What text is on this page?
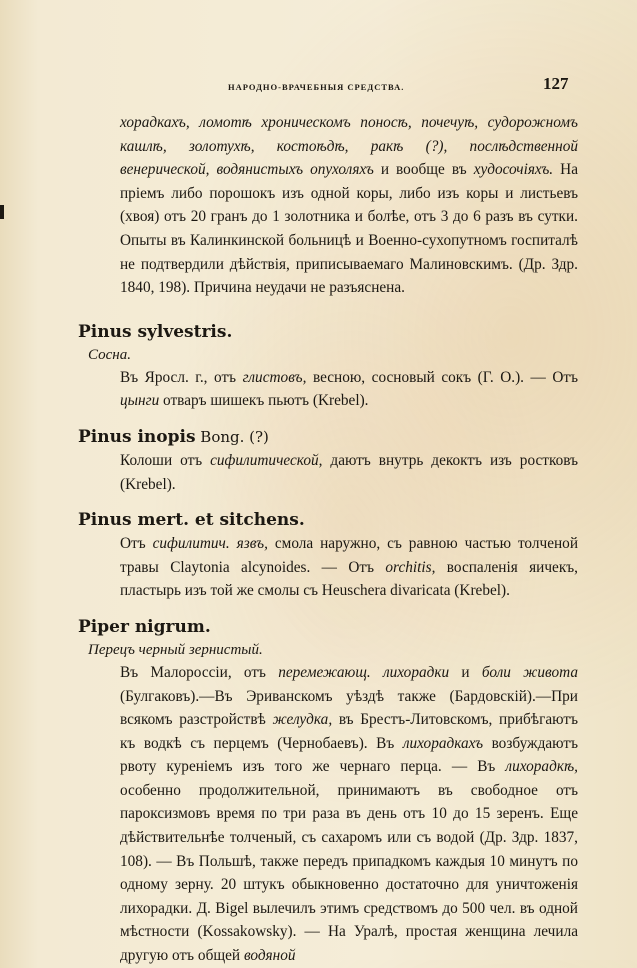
НАРОДНО-ВРАЧЕБНЫЯ СРЕДСТВА.	127

хорадкахъ, ломотѣ хроническомъ поносѣ, почечуѣ, судорожномъ кашлѣ, золотухѣ, костоѣдѣ, ракѣ (?), послѣдственной венерической, водянистыхъ опухоляхъ и вообще въ худосочіяхъ. На пріемъ либо порошокъ изъ одной коры, либо изъ коры и листьевъ (хвоя) отъ 20 гранъ до 1 золотника и болѣе, отъ 3 до 6 разъ въ сутки. Опыты въ Калинкинской больницѣ и Военно-сухопутномъ госпиталѣ не подтвердили дѣйствія, приписываемаго Малиновскимъ. (Др. Здр. 1840, 198). Причина неудачи не разъяснена.

Pinus sylvestris.

Сосна.

Въ Яросл. г., отъ глистовъ, весною, сосновый сокъ (Г. О.). — Отъ цынги отваръ шишекъ пьютъ (Krebel).

Pinus inopis Bong. (?)

Колоши отъ сифилитической, даютъ внутрь декоктъ изъ ростковъ (Krebel).

Pinus mert. et sitchens.

Отъ сифилитич. язвъ, смола наружно, съ равною частью толченой травы Claytonia alcynoides. — Отъ orchitis, воспаленія яичекъ, пластырь изъ той же смолы съ Heuschera divaricata (Krebel).

Piper nigrum.

Перецъ черный зернистый.

Въ Малороссіи, отъ перемежающ. лихорадки и боли живота (Булгаковъ).—Въ Эриванскомъ уѣздѣ также (Бардовскій).—При всякомъ разстройствѣ желудка, въ Брестъ-Литовскомъ, прибѣгаютъ къ водкѣ съ перцемъ (Чернобаевъ). Въ лихорадкахъ возбуждаютъ рвоту куреніемъ изъ того же чернаго перца. — Въ лихорадкѣ, особенно продолжительной, принимаютъ въ свободное отъ пароксизмовъ время по три раза въ день отъ 10 до 15 зеренъ. Еще дѣйствительнѣе толченый, съ сахаромъ или съ водой (Др. Здр. 1837, 108). — Въ Польшѣ, также передъ припадкомъ каждыя 10 минутъ по одному зерну. 20 штукъ обыкновенно достаточно для уничтоженія лихорадки. Д. Bigel вылечилъ этимъ средствомъ до 500 чел. въ одной мѣстности (Kossakowsky). — На Уралѣ, простая женщина лечила другую отъ общей водяной
